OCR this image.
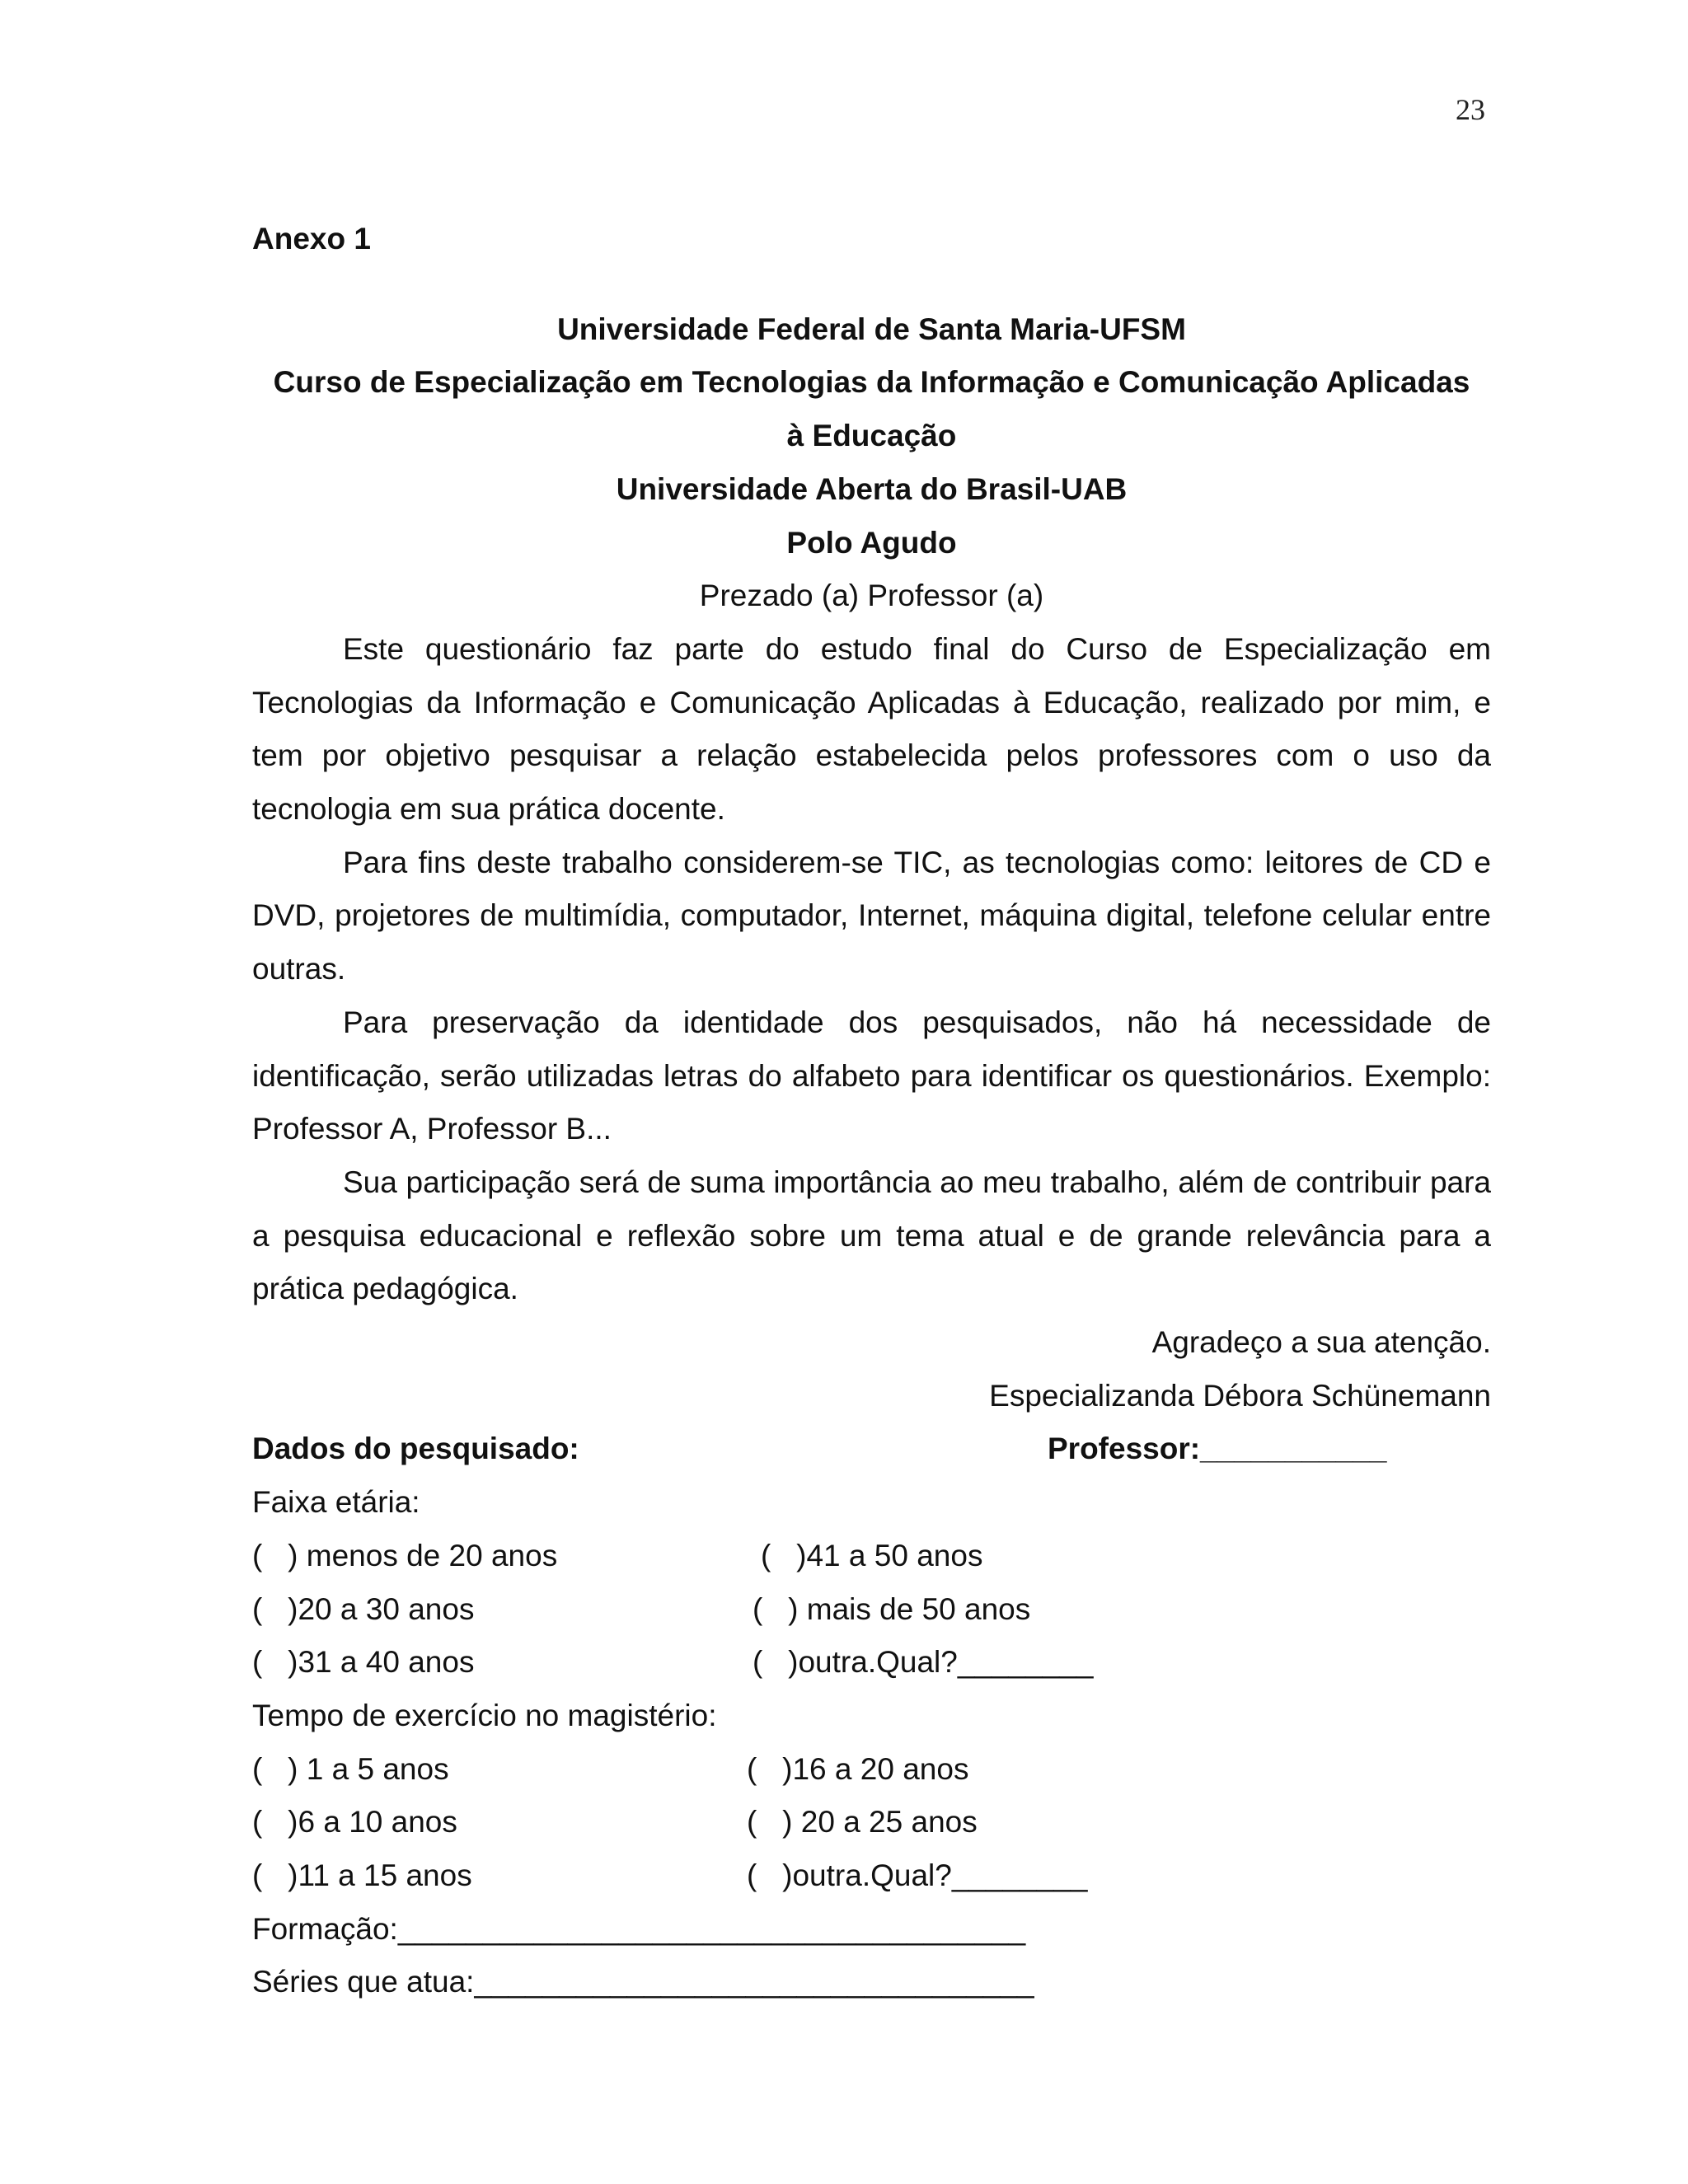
23
Anexo 1
Universidade Federal de Santa Maria-UFSM
Curso de Especialização em Tecnologias da Informação e Comunicação Aplicadas
à Educação
Universidade Aberta do Brasil-UAB
Polo Agudo
Prezado (a) Professor (a)
Este questionário faz parte do estudo final do Curso de Especialização em Tecnologias da Informação e Comunicação Aplicadas à Educação, realizado por mim, e tem por objetivo pesquisar a relação estabelecida pelos professores com o uso da tecnologia em sua prática docente.
Para fins deste trabalho considerem-se TIC, as tecnologias como: leitores de CD e DVD, projetores de multimídia, computador, Internet, máquina digital, telefone celular entre outras.
Para preservação da identidade dos pesquisados, não há necessidade de identificação, serão utilizadas letras do alfabeto para identificar os questionários. Exemplo: Professor A, Professor B...
Sua participação será de suma importância ao meu trabalho, além de contribuir para a pesquisa educacional e reflexão sobre um tema atual e de grande relevância para a prática pedagógica.
Agradeço a sua atenção.
Especializanda Débora Schünemann
Dados do pesquisado:	Professor:___________
Faixa etária:
(   ) menos de 20 anos	(   )41 a 50 anos
(   )20 a 30 anos	(   ) mais de 50 anos
(   )31 a 40 anos	(   )outra.Qual?________
Tempo de exercício no magistério:
(   ) 1 a 5 anos	(   )16 a 20 anos
(   )6 a 10 anos	(   ) 20 a 25 anos
(   )11 a 15 anos	(   )outra.Qual?________
Formação:_____________________________________
Séries que atua:_________________________________
